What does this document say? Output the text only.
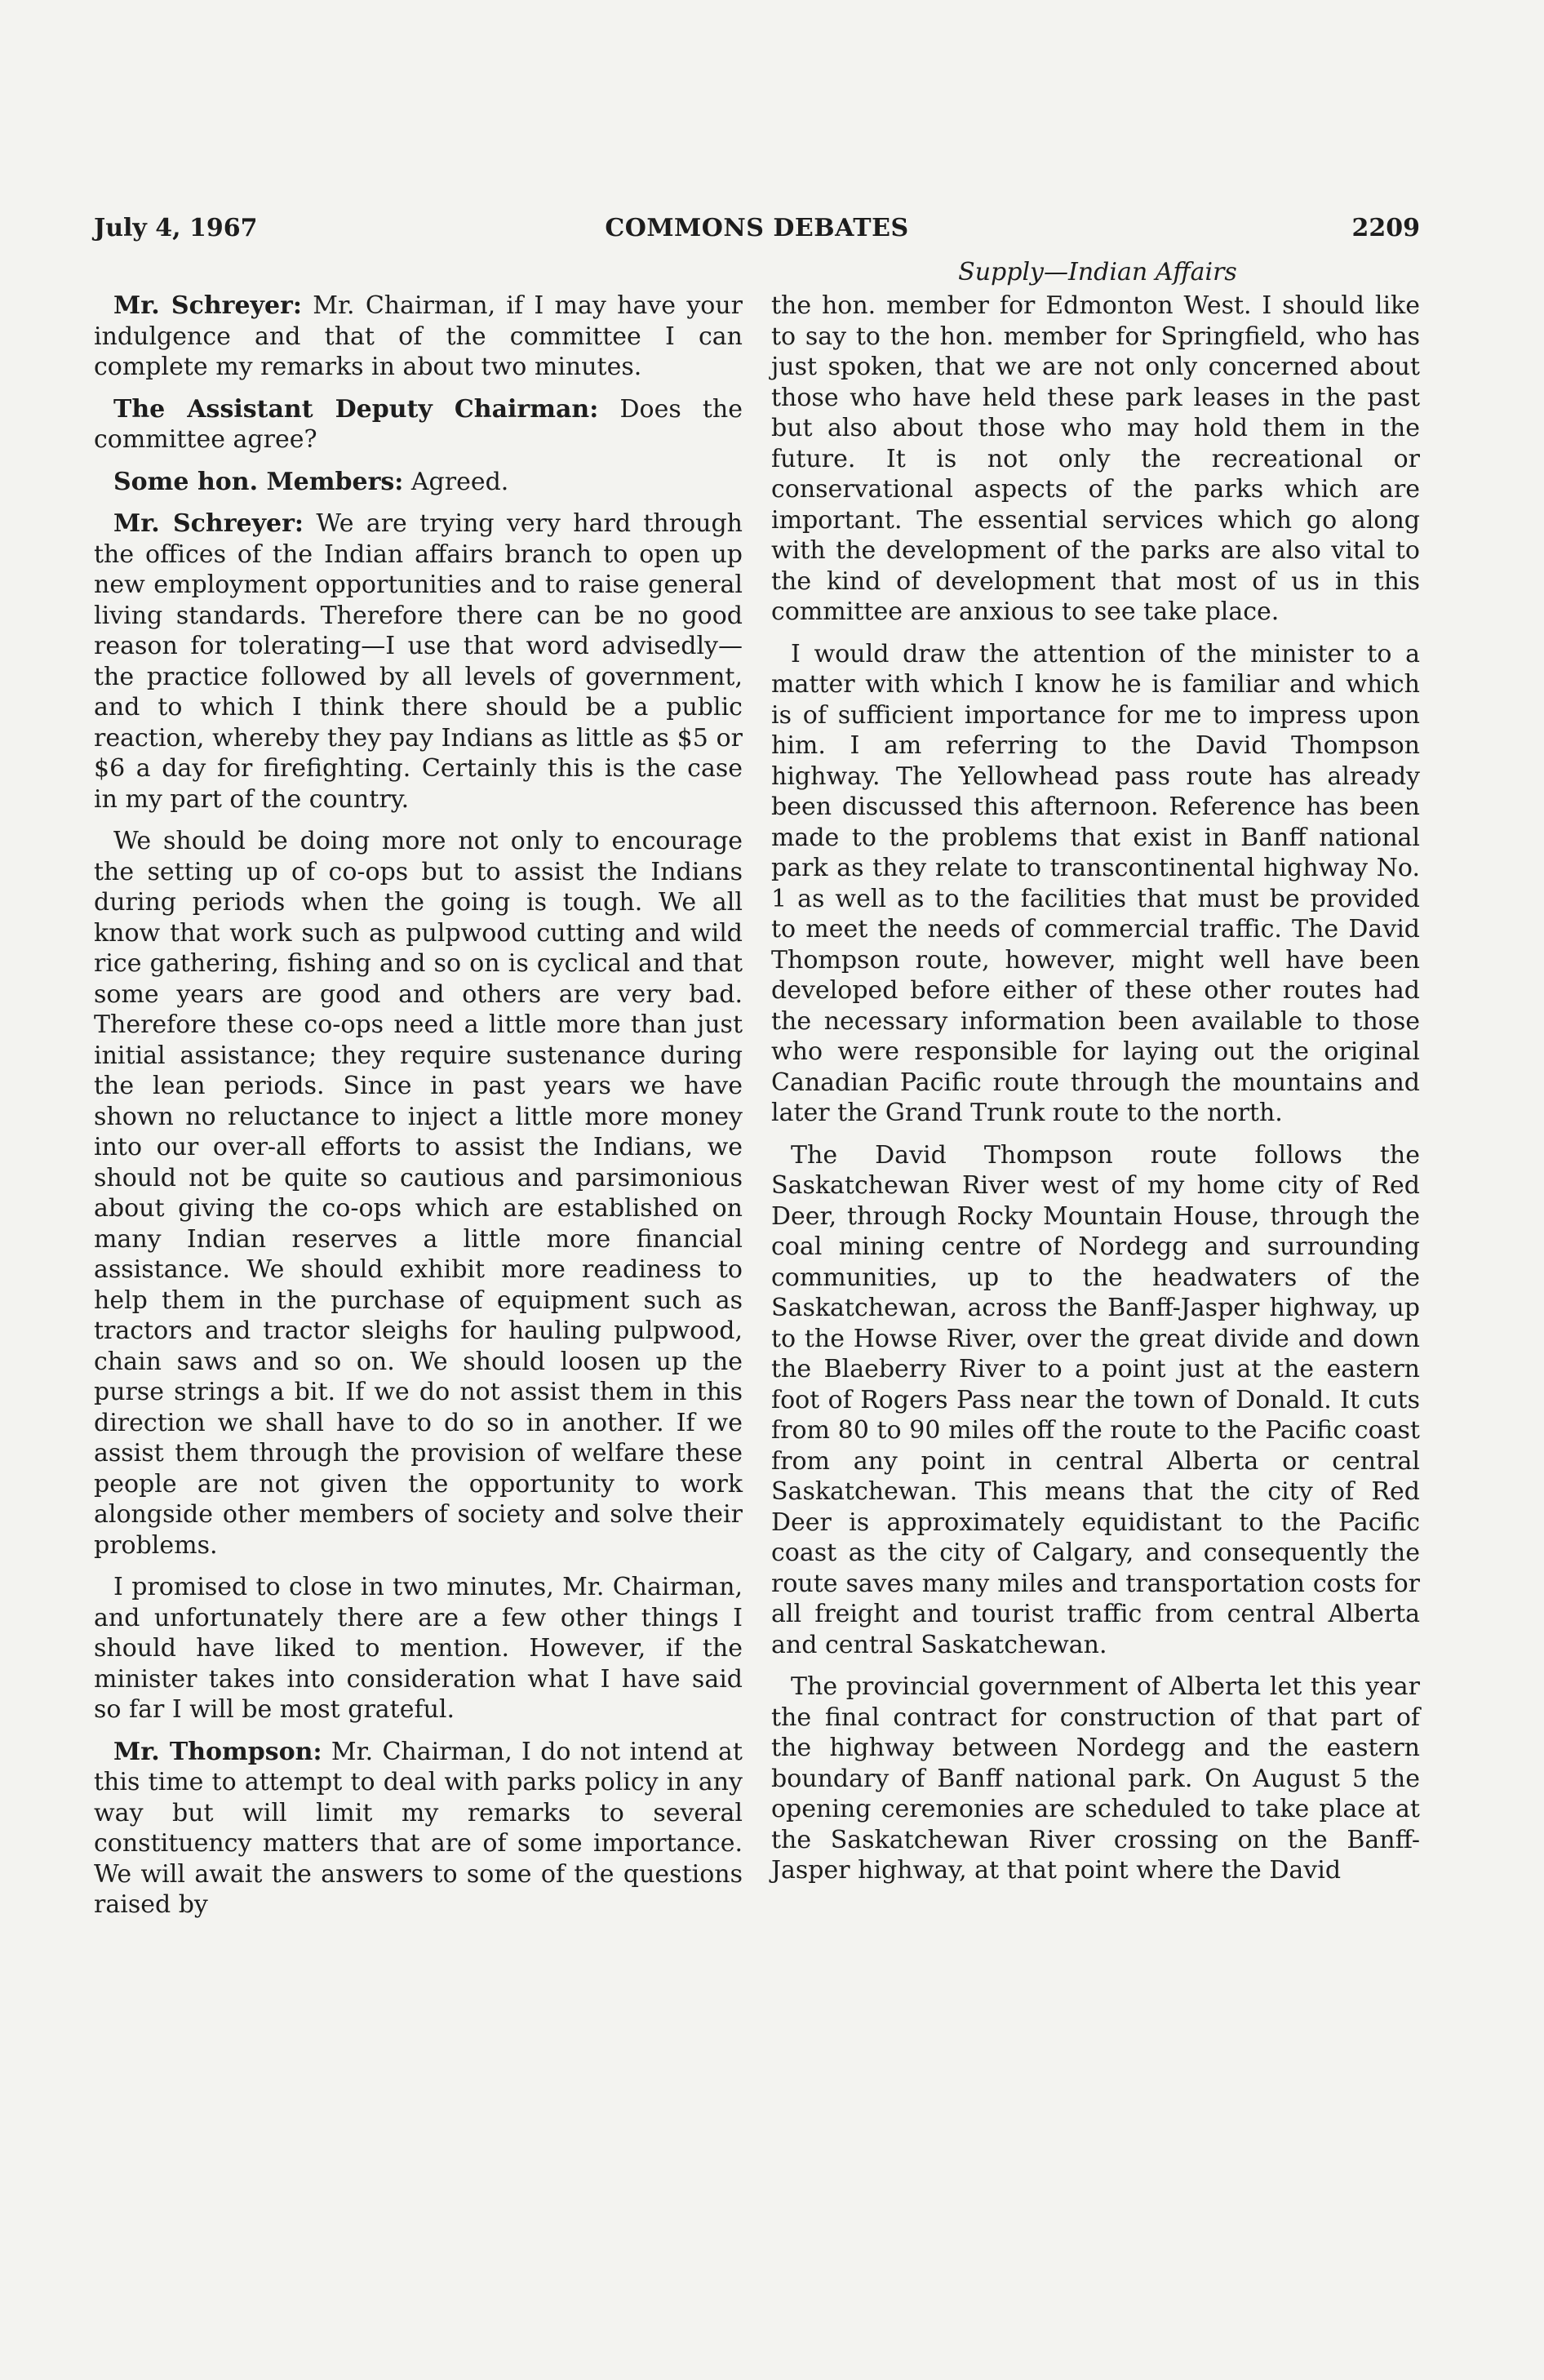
July 4, 1967	COMMONS DEBATES	2209
Supply—Indian Affairs

Mr. Schreyer: Mr. Chairman, if I may have your indulgence and that of the committee I can complete my remarks in about two minutes.

The Assistant Deputy Chairman: Does the committee agree?

Some hon. Members: Agreed.

Mr. Schreyer: We are trying very hard through the offices of the Indian affairs branch to open up new employment opportunities and to raise general living standards. Therefore there can be no good reason for tolerating—I use that word advisedly—the practice followed by all levels of government, and to which I think there should be a public reaction, whereby they pay Indians as little as $5 or $6 a day for firefighting. Certainly this is the case in my part of the country.

We should be doing more not only to encourage the setting up of co-ops but to assist the Indians during periods when the going is tough. We all know that work such as pulpwood cutting and wild rice gathering, fishing and so on is cyclical and that some years are good and others are very bad. Therefore these co-ops need a little more than just initial assistance; they require sustenance during the lean periods. Since in past years we have shown no reluctance to inject a little more money into our over-all efforts to assist the Indians, we should not be quite so cautious and parsimonious about giving the co-ops which are established on many Indian reserves a little more financial assistance. We should exhibit more readiness to help them in the purchase of equipment such as tractors and tractor sleighs for hauling pulpwood, chain saws and so on. We should loosen up the purse strings a bit. If we do not assist them in this direction we shall have to do so in another. If we assist them through the provision of welfare these people are not given the opportunity to work alongside other members of society and solve their problems.

I promised to close in two minutes, Mr. Chairman, and unfortunately there are a few other things I should have liked to mention. However, if the minister takes into consideration what I have said so far I will be most grateful.

Mr. Thompson: Mr. Chairman, I do not intend at this time to attempt to deal with parks policy in any way but will limit my remarks to several constituency matters that are of some importance. We will await the answers to some of the questions raised by

the hon. member for Edmonton West. I should like to say to the hon. member for Springfield, who has just spoken, that we are not only concerned about those who have held these park leases in the past but also about those who may hold them in the future. It is not only the recreational or conservational aspects of the parks which are important. The essential services which go along with the development of the parks are also vital to the kind of development that most of us in this committee are anxious to see take place.

I would draw the attention of the minister to a matter with which I know he is familiar and which is of sufficient importance for me to impress upon him. I am referring to the David Thompson highway. The Yellowhead pass route has already been discussed this afternoon. Reference has been made to the problems that exist in Banff national park as they relate to transcontinental highway No. 1 as well as to the facilities that must be provided to meet the needs of commercial traffic. The David Thompson route, however, might well have been developed before either of these other routes had the necessary information been available to those who were responsible for laying out the original Canadian Pacific route through the mountains and later the Grand Trunk route to the north.

The David Thompson route follows the Saskatchewan River west of my home city of Red Deer, through Rocky Mountain House, through the coal mining centre of Nordegg and surrounding communities, up to the headwaters of the Saskatchewan, across the Banff-Jasper highway, up to the Howse River, over the great divide and down the Blaeberry River to a point just at the eastern foot of Rogers Pass near the town of Donald. It cuts from 80 to 90 miles off the route to the Pacific coast from any point in central Alberta or central Saskatchewan. This means that the city of Red Deer is approximately equidistant to the Pacific coast as the city of Calgary, and consequently the route saves many miles and transportation costs for all freight and tourist traffic from central Alberta and central Saskatchewan.

The provincial government of Alberta let this year the final contract for construction of that part of the highway between Nordegg and the eastern boundary of Banff national park. On August 5 the opening ceremonies are scheduled to take place at the Saskatchewan River crossing on the Banff-Jasper highway, at that point where the David
